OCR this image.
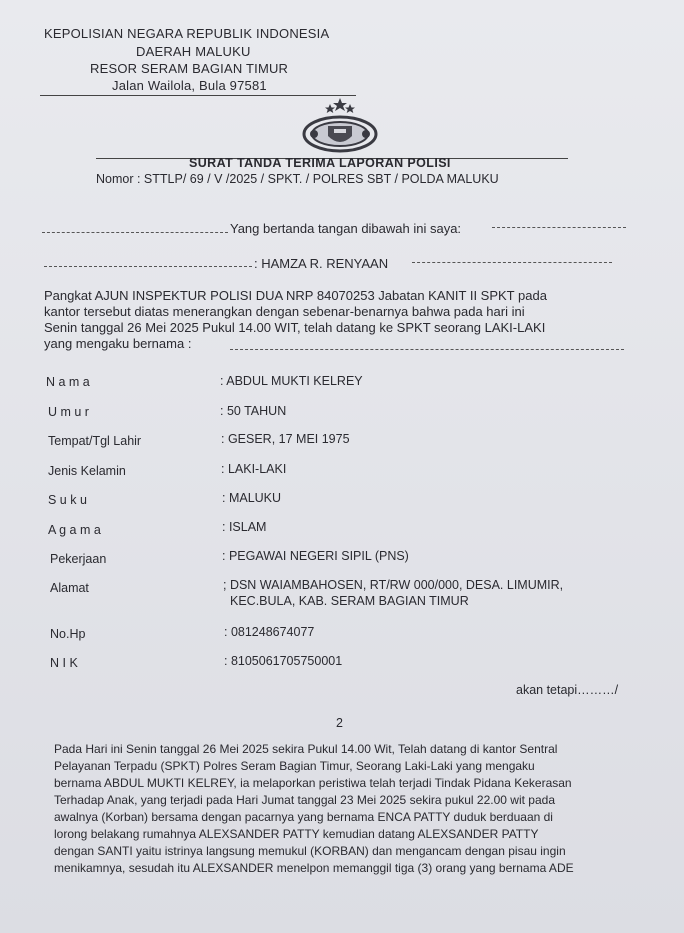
KEPOLISIAN NEGARA REPUBLIK INDONESIA
DAERAH MALUKU
RESOR SERAM BAGIAN TIMUR
Jalan Wailola, Bula 97581
SURAT TANDA TERIMA LAPORAN POLISI
Nomor : STTLP/ 69 / V /2025 / SPKT. / POLRES SBT / POLDA MALUKU
Yang bertanda tangan dibawah ini saya:
: HAMZA R. RENYAAN
Pangkat AJUN INSPEKTUR POLISI DUA NRP 84070253 Jabatan KANIT II SPKT pada
kantor tersebut diatas menerangkan dengan sebenar-benarnya bahwa pada hari ini
Senin tanggal 26 Mei 2025 Pukul 14.00 WIT, telah datang ke SPKT seorang LAKI-LAKI
yang mengaku bernama :
N a m a	: ABDUL MUKTI KELREY
U m u r	: 50 TAHUN
Tempat/Tgl Lahir	: GESER, 17 MEI 1975
Jenis Kelamin	: LAKI-LAKI
S u k u	: MALUKU
A g a m a	: ISLAM
Pekerjaan	: PEGAWAI NEGERI SIPIL (PNS)
Alamat	; DSN WAIAMBAHOSEN, RT/RW 000/000, DESA. LIMUMIR,
KEC.BULA, KAB. SERAM BAGIAN TIMUR
No.Hp	: 081248674077
N I K	: 8105061705750001
akan tetapi………/
2
Pada Hari ini Senin tanggal 26 Mei 2025 sekira Pukul 14.00 Wit, Telah datang di kantor Sentral
Pelayanan Terpadu (SPKT) Polres Seram Bagian Timur, Seorang Laki-Laki yang mengaku
bernama ABDUL MUKTI KELREY, ia melaporkan peristiwa telah terjadi Tindak Pidana Kekerasan
Terhadap Anak, yang terjadi pada Hari Jumat tanggal 23 Mei 2025 sekira pukul 22.00 wit pada
awalnya (Korban) bersama dengan pacarnya yang bernama ENCA PATTY duduk berduaan di
lorong belakang rumahnya ALEXSANDER PATTY kemudian datang ALEXSANDER PATTY
dengan SANTI yaitu istrinya langsung memukul (KORBAN) dan mengancam dengan pisau ingin
menikamnya, sesudah itu ALEXSANDER menelpon memanggil tiga (3) orang yang bernama ADE
